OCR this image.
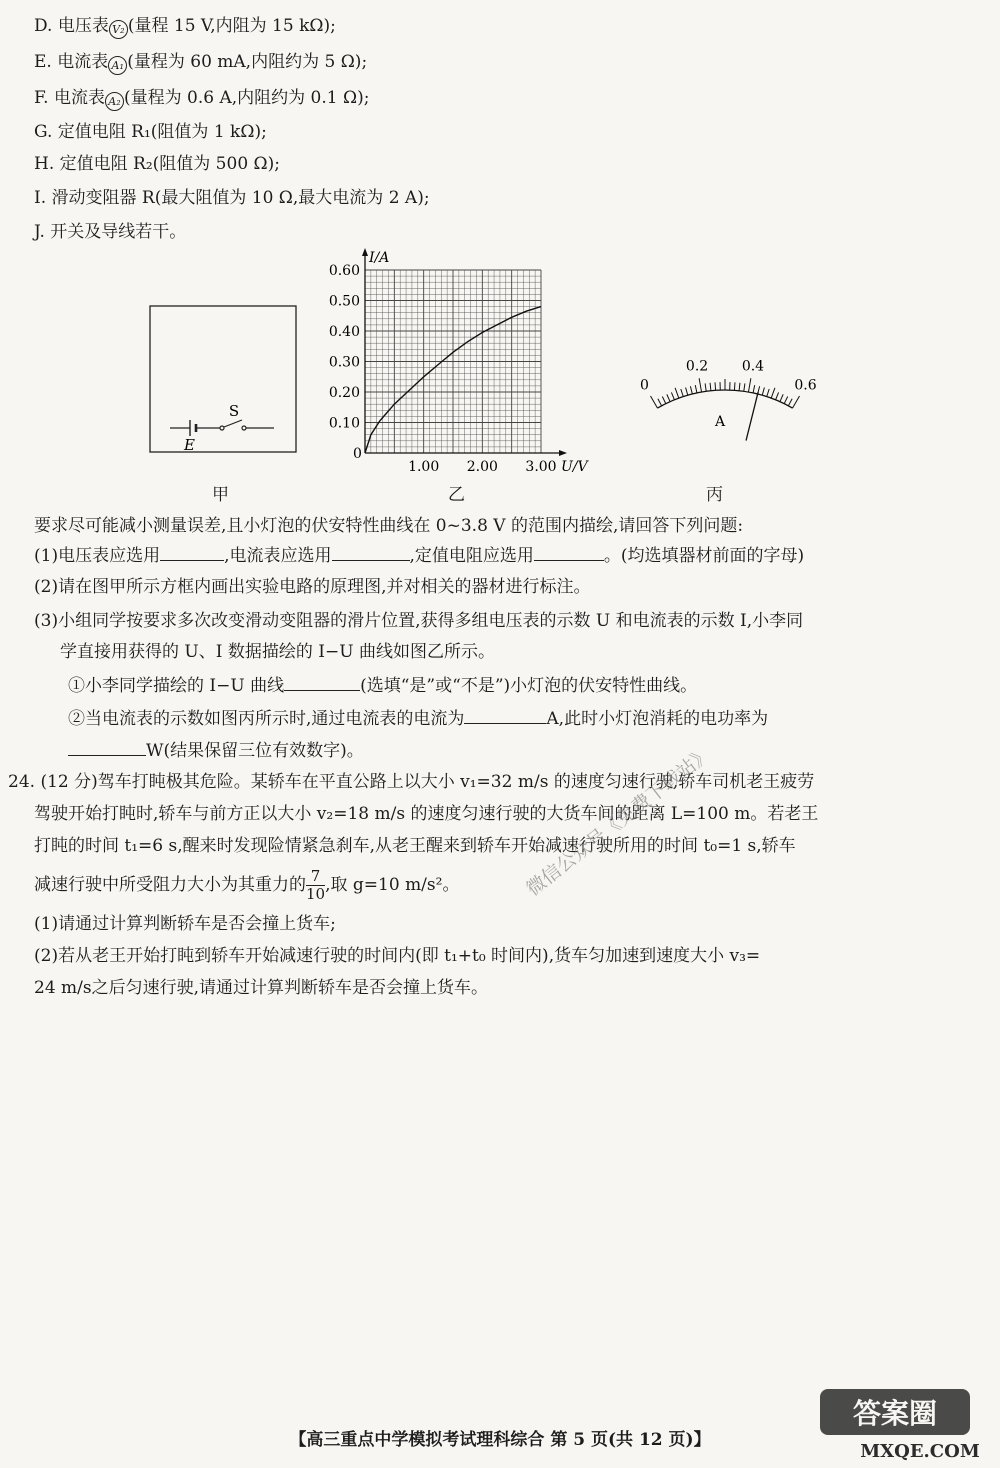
D. 电压表 V₂ (量程 15 V,内阻为 15 kΩ);
E. 电流表 A₁ (量程为 60 mA,内阻约为 5 Ω);
F. 电流表 A₂ (量程为 0.6 A,内阻约为 0.1 Ω);
G. 定值电阻 R₁(阻值为 1 kΩ);
H. 定值电阻 R₂(阻值为 500 Ω);
I. 滑动变阻器 R(最大阻值为 10 Ω,最大电流为 2 A);
J. 开关及导线若干。
S
E
I/A
U/V
0
0.10
0.20
0.30
0.40
0.50
0.60
1.00 2.00 3.00
0
0.2 0.4
0.6
A
甲	乙	丙
要求尽可能减小测量误差,且小灯泡的伏安特性曲线在 0~3.8 V 的范围内描绘,请回答下列问题:
(1)电压表应选用	,电流表应选用	,定值电阻应选用	。(均选填器材前面的字母)
(2)请在图甲所示方框内画出实验电路的原理图,并对相关的器材进行标注。
(3)小组同学按要求多次改变滑动变阻器的滑片位置,获得多组电压表的示数 U 和电流表的示数 I,小李同
学直接用获得的 U、I 数据描绘的 I−U 曲线如图乙所示。
①小李同学描绘的 I−U 曲线	(选填“是”或“不是”)小灯泡的伏安特性曲线。
②当电流表的示数如图丙所示时,通过电流表的电流为	A,此时小灯泡消耗的电功率为
W(结果保留三位有效数字)。
24. (12 分)驾车打盹极其危险。某轿车在平直公路上以大小 v₁=32 m/s 的速度匀速行驶,轿车司机老王疲劳
驾驶开始打盹时,轿车与前方正以大小 v₂=18 m/s 的速度匀速行驶的大货车间的距离 L=100 m。若老王
打盹的时间 t₁=6 s,醒来时发现险情紧急刹车,从老王醒来到轿车开始减速行驶所用的时间 t₀=1 s,轿车
减速行驶中所受阻力大小为其重力的 $\frac{7}{10}$ ,取 g=10 m/s²。
(1)请通过计算判断轿车是否会撞上货车;
(2)若从老王开始打盹到轿车开始减速行驶的时间内(即 t₁+t₀ 时间内),货车匀加速到速度大小 v₃=
24 m/s之后匀速行驶,请通过计算判断轿车是否会撞上货车。
微信公众号《免费下载站》
【高三重点中学模拟考试理科综合 第 5 页(共 12 页)】
答案圈
MXQE.COM
